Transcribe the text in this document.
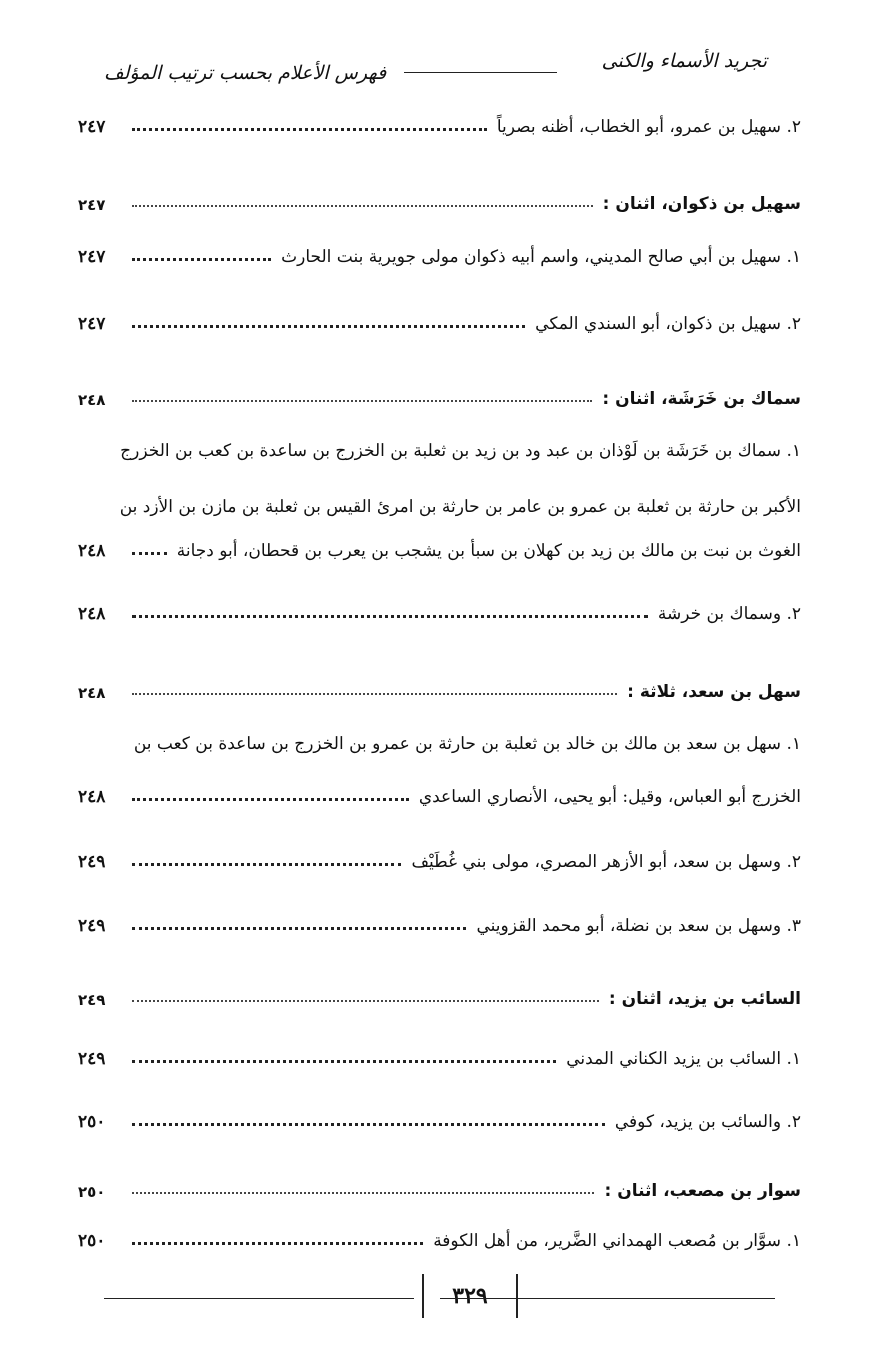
تجريد الأسماء والكنى
فهرس الأعلام بحسب ترتيب المؤلف
٢. سهيل بن عمرو، أبو الخطاب، أظنه بصرياً
٢٤٧
سهيل بن ذكوان، اثنان :
٢٤٧
١. سهيل بن أبي صالح المديني، واسم أبيه ذكوان مولى جويرية بنت الحارث
٢٤٧
٢. سهيل بن ذكوان، أبو السندي المكي
٢٤٧
سماك بن خَرَشَة، اثنان :
٢٤٨
١. سماك بن خَرَشَة بن لَوْذان بن عبد ود بن زيد بن ثعلبة بن الخزرج بن ساعدة بن كعب بن الخزرج
الأكبر بن حارثة بن ثعلبة بن عمرو بن عامر بن حارثة بن امرئ القيس بن ثعلبة بن مازن بن الأزد بن
الغوث بن نبت بن مالك بن زيد بن كهلان بن سبأ بن يشجب بن يعرب بن قحطان، أبو دجانة
٢٤٨
٢. وسماك بن خرشة
٢٤٨
سهل بن سعد، ثلاثة :
٢٤٨
١. سهل بن سعد بن مالك بن خالد بن ثعلبة بن حارثة بن عمرو بن الخزرج بن ساعدة بن كعب بن
الخزرج أبو العباس، وقيل: أبو يحيى، الأنصاري الساعدي
٢٤٨
٢. وسهل بن سعد، أبو الأزهر المصري، مولى بني غُطَيْف
٢٤٩
٣. وسهل بن سعد بن نضلة، أبو محمد القزويني
٢٤٩
السائب بن يزيد، اثنان :
٢٤٩
١. السائب بن يزيد الكناني المدني
٢٤٩
٢. والسائب بن يزيد، كوفي
٢٥٠
سوار بن مصعب، اثنان :
٢٥٠
١. سوَّار بن مُصعب الهمداني الضَّرير، من أهل الكوفة
٢٥٠
٣٢٩
